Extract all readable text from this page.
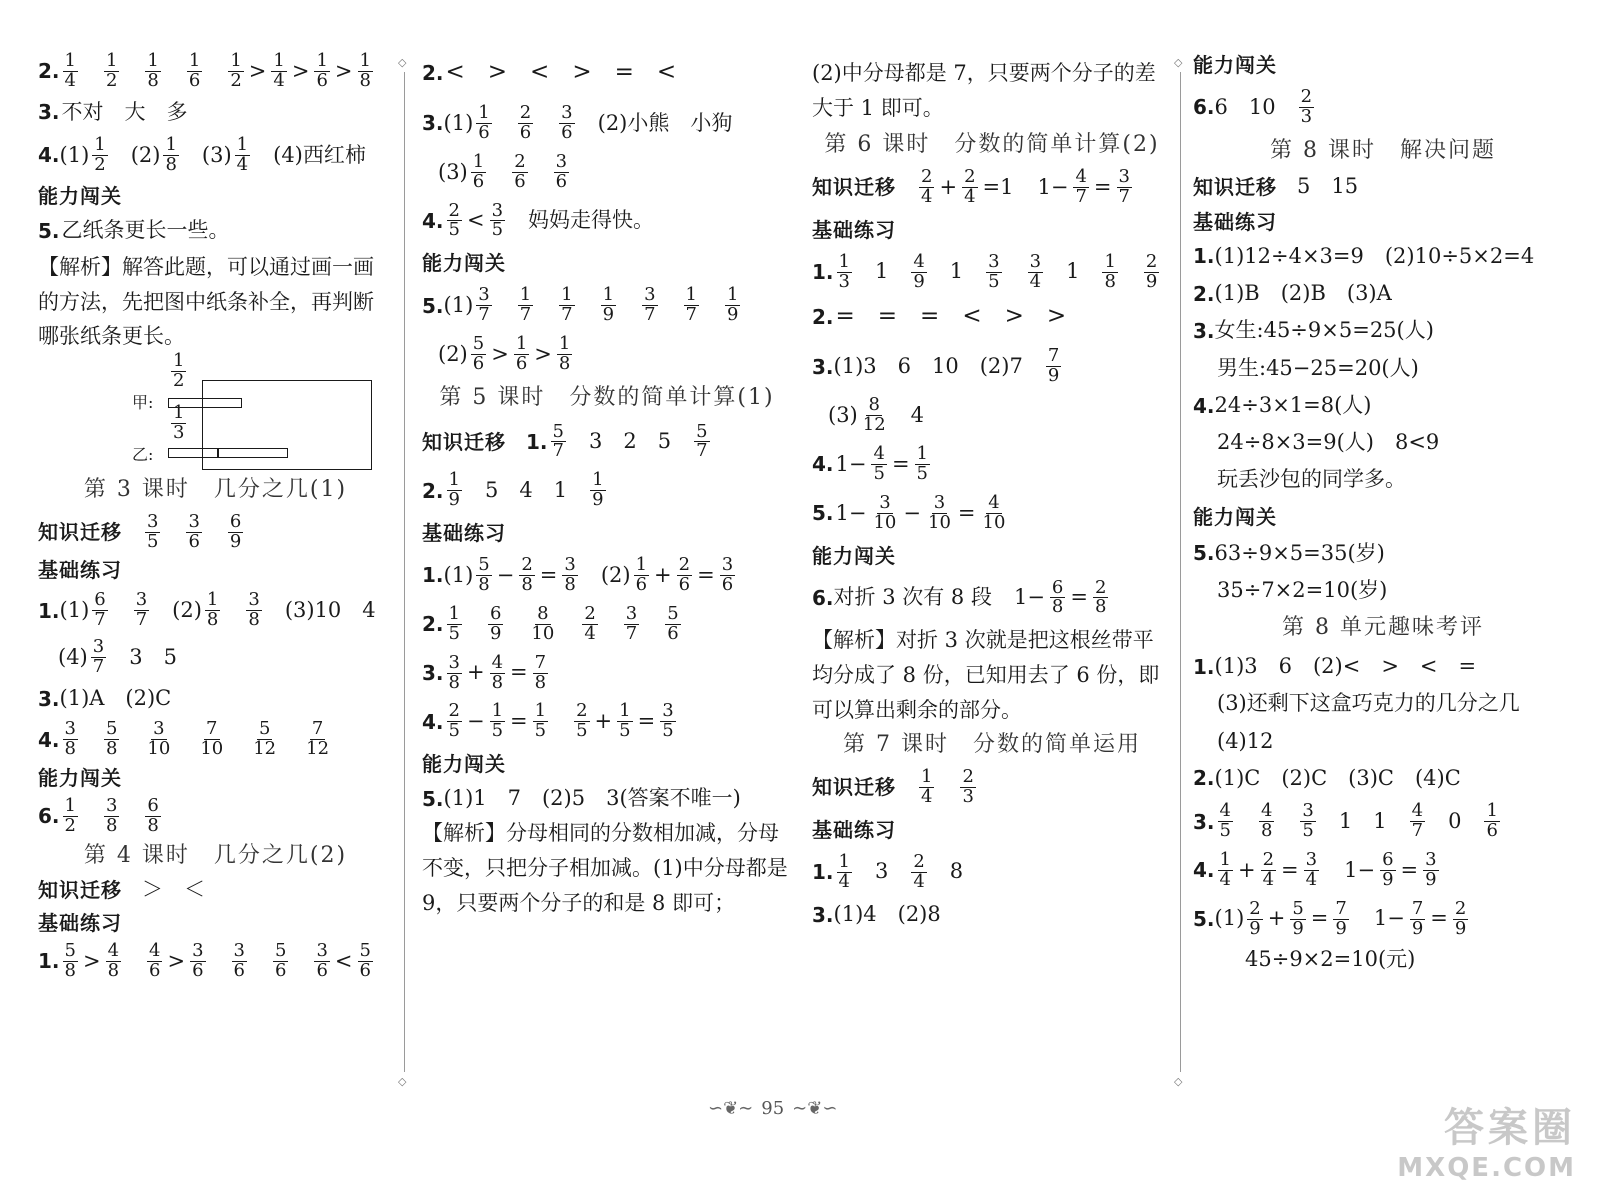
◇ ◇
◇ ◇
2. $\frac{1}{4} \frac{1}{2} \frac{1}{8} \frac{1}{6} \frac{1}{2} > \frac{1}{4} > \frac{1}{6} > \frac{1}{8}$
3. 不对　大　多
4. $(1) \frac{1}{2} (2) \frac{1}{8} (3) \frac{1}{4} (4)$西红柿
能力闯关
5. 乙纸条更长一些。
【解析】解答此题，可以通过画一画的方法，先把图中纸条补全，再判断哪张纸条更长。
$\frac{1}{2}$
甲:
$\frac{1}{3}$
乙:
第 3 课时　几分之几(1)
知识迁移 $\frac{3}{5} \frac{3}{6} \frac{6}{9}$
基础练习
1. $(1) \frac{6}{7} \frac{3}{7} (2) \frac{1}{8} \frac{3}{8} (3)10$　4
$(4) \frac{3}{7} 3$　5
3. (1)A　(2)C
4. $\frac{3}{8} \frac{5}{8} \frac{3}{10} \frac{7}{10} \frac{5}{12} \frac{7}{12}$
能力闯关
6. $\frac{1}{2} \frac{3}{8} \frac{6}{8}$
第 4 课时　几分之几(2)
知识迁移 ＞　＜
基础练习
1. $\frac{5}{8} > \frac{4}{8} \frac{4}{6} > \frac{3}{6} \frac{3}{6} \frac{5}{6} \frac{3}{6} < \frac{5}{6}$
2. <　>　<　>　=　<
3. $(1) \frac{1}{6} \frac{2}{6} \frac{3}{6} (2)$小熊　小狗
$(3) \frac{1}{6} \frac{2}{6} \frac{3}{6}$
4. $\frac{2}{5} < \frac{3}{5}$ 妈妈走得快。
能力闯关
5. $(1) \frac{3}{7} \frac{1}{7} \frac{1}{7} \frac{1}{9} \frac{3}{7} \frac{1}{7} \frac{1}{9}$
$(2) \frac{5}{6} > \frac{1}{6} > \frac{1}{8}$
第 5 课时　分数的简单计算(1)
知识迁移 1. $\frac{5}{7} 3$　2　$5 \frac{5}{7}$
2. $\frac{1}{9} 5$　4　$1 \frac{1}{9}$
基础练习
1. $(1) \frac{5}{8} - \frac{2}{8} = \frac{3}{8} (2) \frac{1}{6} + \frac{2}{6} = \frac{3}{6}$
2. $\frac{1}{5} \frac{6}{9} \frac{8}{10} \frac{2}{4} \frac{3}{7} \frac{5}{6}$
3. $\frac{3}{8} + \frac{4}{8} = \frac{7}{8}$
4. $\frac{2}{5} - \frac{1}{5} = \frac{1}{5} \frac{2}{5} + \frac{1}{5} = \frac{3}{5}$
能力闯关
5. (1)1　7　(2)5　3(答案不唯一)
【解析】分母相同的分数相加减，分母不变，只把分子相加减。(1)中分母都是 9，只要两个分子的和是 8 即可；
(2)中分母都是 7，只要两个分子的差大于 1 即可。
第 6 课时　分数的简单计算(2)
知识迁移 $\frac{2}{4} + \frac{2}{4} =1$ $1- \frac{4}{7} = \frac{3}{7}$
基础练习
1. $\frac{1}{3} 1 \frac{4}{9} 1 \frac{3}{5} \frac{3}{4} 1 \frac{1}{8} \frac{2}{9}$
2. =　=　=　<　>　>
3. (1)3　6　10　$(2)7 \frac{7}{9}$
$(3) \frac{8}{12} 4$
4. $1- \frac{4}{5} = \frac{1}{5}$
5. $1- \frac{3}{10} - \frac{3}{10} = \frac{4}{10}$
能力闯关
6. 对折 3 次有 8 段 $1- \frac{6}{8} = \frac{2}{8}$
【解析】对折 3 次就是把这根丝带平均分成了 8 份，已知用去了 6 份，即可以算出剩余的部分。
第 7 课时　分数的简单运用
知识迁移 $\frac{1}{4} \frac{2}{3}$
基础练习
1. $\frac{1}{4} 3 \frac{2}{4} 8$
3. (1)4　(2)8
能力闯关
6. 6　$10 \frac{2}{3}$
第 8 课时　解决问题
知识迁移 5　15
基础练习
1. (1)12÷4×3=9　(2)10÷5×2=4
2. (1)B　(2)B　(3)A
3. 女生:45÷9×5=25(人)
男生:45−25=20(人)
4. 24÷3×1=8(人)
24÷8×3=9(人)　8<9
玩丢沙包的同学多。
能力闯关
5. 63÷9×5=35(岁)
35÷7×2=10(岁)
第 8 单元趣味考评
1. (1)3　6　(2)<　>　<　=
(3)还剩下这盒巧克力的几分之几
(4)12
2. (1)C　(2)C　(3)C　(4)C
3. $\frac{4}{5} \frac{4}{8} \frac{3}{5} 1$　$1 \frac{4}{7} 0 \frac{1}{6}$
4. $\frac{1}{4} + \frac{2}{4} = \frac{3}{4} 1- \frac{6}{9} = \frac{3}{9}$
5. $(1) \frac{2}{9} + \frac{5}{9} = \frac{7}{9} 1- \frac{7}{9} = \frac{2}{9}$
45÷9×2=10(元)
∽❦∼ 95 ∼❦∽	答案圈
MXQE.COM
